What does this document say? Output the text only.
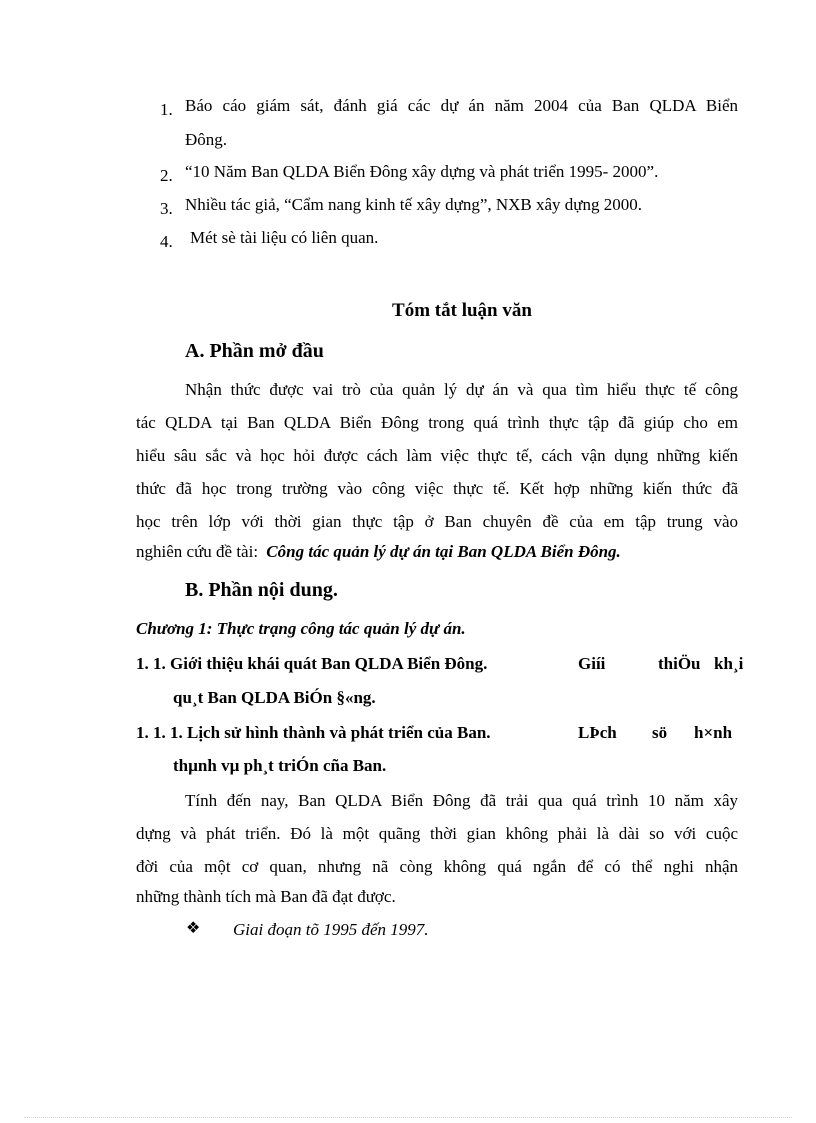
1. Báo cáo giám sát, đánh giá các dự án năm 2004 của Ban QLDA Biển
Đông.
2. “10 Năm Ban QLDA Biển Đông xây dựng và phát triển 1995- 2000”.
3. Nhiều tác giả, “Cẩm nang kinh tế xây dựng”, NXB xây dựng 2000.
4. Mét sè tài liệu có liên quan.
Tóm tắt luận văn
A. Phần mở đầu
Nhận thức được vai trò của quản lý dự án và qua tìm hiểu thực tế công
tác QLDA tại Ban QLDA Biển Đông trong quá trình thực tập đã giúp cho em
hiểu sâu sắc và học hỏi được cách làm việc thực tế, cách vận dụng những kiến
thức đã học trong trường vào công việc thực tế. Kết hợp những kiến thức đã
học trên lớp với thời gian thực tập ở Ban chuyên đề của em tập trung vào
nghiên cứu đề tài: Công tác quản lý dự án tại Ban QLDA Biển Đông.
B. Phần nội dung.
Chương 1: Thực trạng công tác quản lý dự án.
1. 1. Giới thiệu khái quát Ban QLDA Biển Đông.	Giíi	thiÖu kh¸i
qu¸t Ban QLDA BiÓn §«ng.
1. 1. 1. Lịch sử hình thành và phát triển của Ban.	LÞch sö h×nh
thµnh vµ ph¸t triÓn cña Ban.
Tính đến nay, Ban QLDA Biển Đông đã trải qua quá trình 10 năm xây
dựng và phát triển. Đó là một quãng thời gian không phải là dài so với cuộc
đời của một cơ quan, nhưng nã còng không quá ngắn để có thể nghi nhận
những thành tích mà Ban đã đạt được.
❖ Giai đoạn tõ 1995 đến 1997.
